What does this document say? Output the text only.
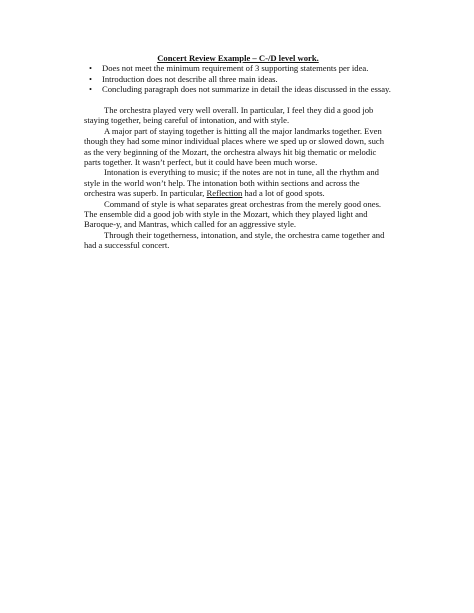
Concert Review Example – C-/D level work.
• Does not meet the minimum requirement of 3 supporting statements per idea.
• Introduction does not describe all three main ideas.
• Concluding paragraph does not summarize in detail the ideas discussed in the essay.

The orchestra played very well overall. In particular, I feel they did a good job staying together, being careful of intonation, and with style.

A major part of staying together is hitting all the major landmarks together. Even though they had some minor individual places where we sped up or slowed down, such as the very beginning of the Mozart, the orchestra always hit big thematic or melodic parts together. It wasn’t perfect, but it could have been much worse.

Intonation is everything to music; if the notes are not in tune, all the rhythm and style in the world won’t help. The intonation both within sections and across the orchestra was superb. In particular, Reflection had a lot of good spots.

Command of style is what separates great orchestras from the merely good ones. The ensemble did a good job with style in the Mozart, which they played light and Baroque-y, and Mantras, which called for an aggressive style.

Through their togetherness, intonation, and style, the orchestra came together and had a successful concert.
